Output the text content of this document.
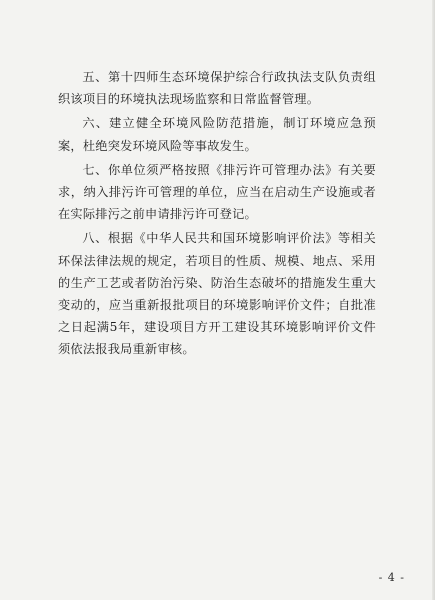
五、第十四师生态环境保护综合行政执法支队负责组织该项目的环境执法现场监察和日常监督管理。

六、建立健全环境风险防范措施，制订环境应急预案，杜绝突发环境风险等事故发生。

七、你单位须严格按照《排污许可管理办法》有关要求，纳入排污许可管理的单位，应当在启动生产设施或者在实际排污之前申请排污许可登记。

八、根据《中华人民共和国环境影响评价法》等相关环保法律法规的规定，若项目的性质、规模、地点、采用的生产工艺或者防治污染、防治生态破坏的措施发生重大变动的，应当重新报批项目的环境影响评价文件；自批准之日起满5年，建设项目方开工建设其环境影响评价文件须依法报我局重新审核。

- 4 -
